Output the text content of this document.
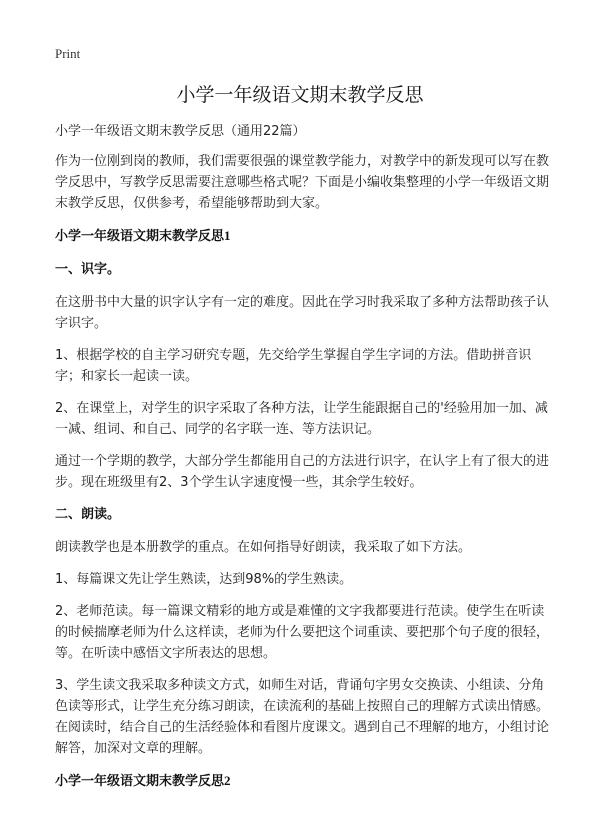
Print
小学一年级语文期末教学反思

小学一年级语文期末教学反思（通用22篇）

作为一位刚到岗的教师，我们需要很强的课堂教学能力，对教学中的新发现可以写在教学反思中，写教学反思需要注意哪些格式呢？下面是小编收集整理的小学一年级语文期末教学反思，仅供参考，希望能够帮助到大家。

小学一年级语文期末教学反思1

一、识字。

在这册书中大量的识字认字有一定的难度。因此在学习时我采取了多种方法帮助孩子认字识字。

1、根据学校的自主学习研究专题，先交给学生掌握自学生字词的方法。借助拼音识字；和家长一起读一读。

2、在课堂上，对学生的识字采取了各种方法，让学生能跟据自己的'经验用加一加、减一减、组词、和自己、同学的名字联一连、等方法识记。

通过一个学期的教学，大部分学生都能用自己的方法进行识字，在认字上有了很大的进步。现在班级里有2、3个学生认字速度慢一些，其余学生较好。

二、朗读。

朗读教学也是本册教学的重点。在如何指导好朗读，我采取了如下方法。

1、每篇课文先让学生熟读，达到98%的学生熟读。

2、老师范读。每一篇课文精彩的地方或是难懂的文字我都要进行范读。使学生在听读的时候揣摩老师为什么这样读，老师为什么要把这个词重读、要把那个句子度的很轻，等。在听读中感悟文字所表达的思想。

3、学生读文我采取多种读文方式，如师生对话，背诵句字男女交换读、小组读、分角色读等形式，让学生充分练习朗读，在读流利的基础上按照自己的理解方式读出情感。在阅读时，结合自己的生活经验体和看图片度课文。遇到自己不理解的地方，小组讨论解答，加深对文章的理解。

小学一年级语文期末教学反思2
